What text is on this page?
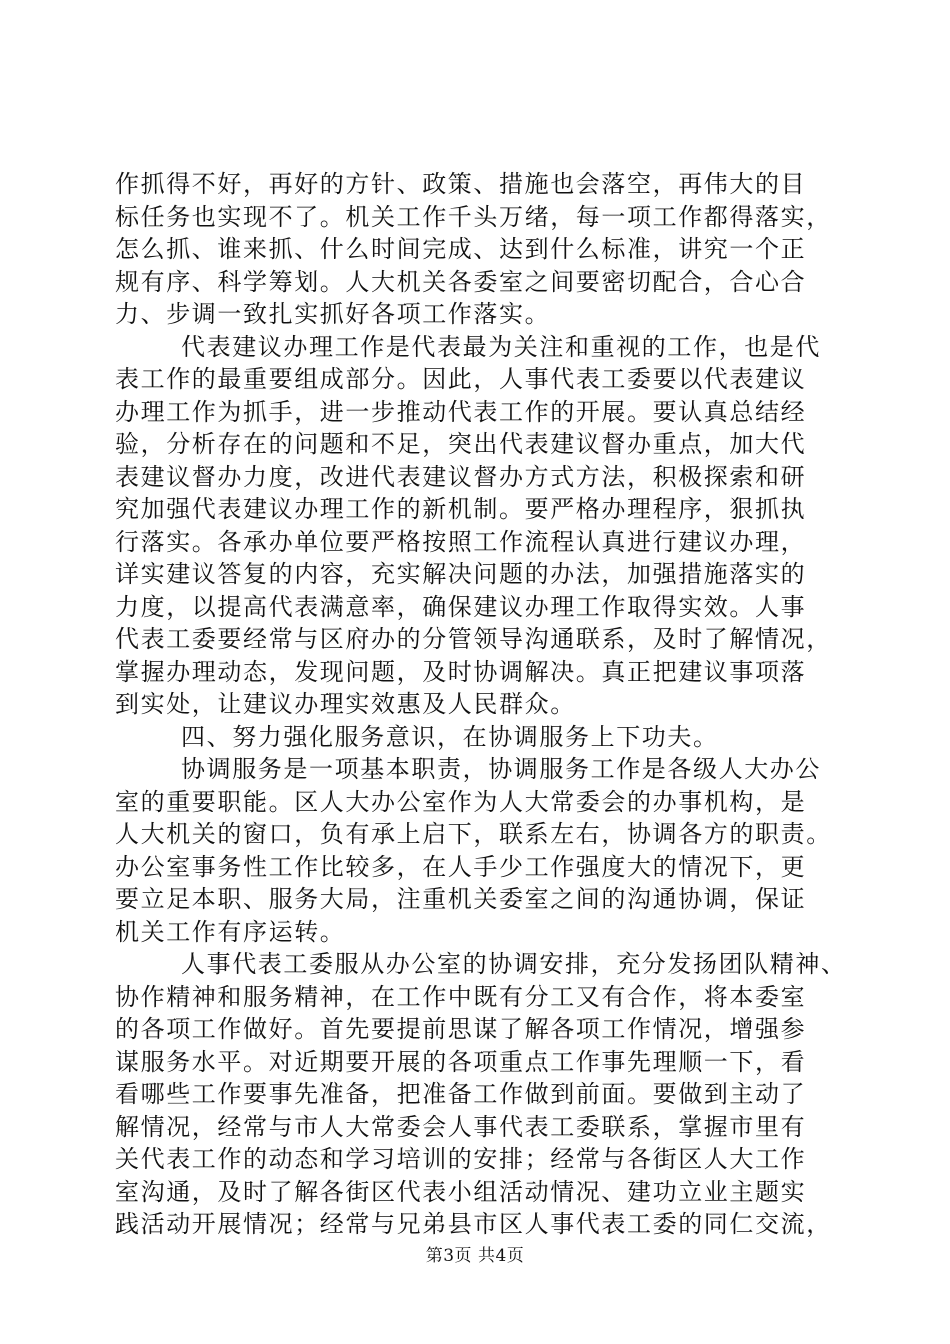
作抓得不好，再好的方针、政策、措施也会落空，再伟大的目
标任务也实现不了。机关工作千头万绪，每一项工作都得落实，
怎么抓、谁来抓、什么时间完成、达到什么标准，讲究一个正
规有序、科学筹划。人大机关各委室之间要密切配合，合心合
力、步调一致扎实抓好各项工作落实。
代表建议办理工作是代表最为关注和重视的工作，也是代
表工作的最重要组成部分。因此，人事代表工委要以代表建议
办理工作为抓手，进一步推动代表工作的开展。要认真总结经
验，分析存在的问题和不足，突出代表建议督办重点，加大代
表建议督办力度，改进代表建议督办方式方法，积极探索和研
究加强代表建议办理工作的新机制。要严格办理程序，狠抓执
行落实。各承办单位要严格按照工作流程认真进行建议办理，
详实建议答复的内容，充实解决问题的办法，加强措施落实的
力度，以提高代表满意率，确保建议办理工作取得实效。人事
代表工委要经常与区府办的分管领导沟通联系，及时了解情况，
掌握办理动态，发现问题，及时协调解决。真正把建议事项落
到实处，让建议办理实效惠及人民群众。
四、努力强化服务意识，在协调服务上下功夫。
协调服务是一项基本职责，协调服务工作是各级人大办公
室的重要职能。区人大办公室作为人大常委会的办事机构，是
人大机关的窗口，负有承上启下，联系左右，协调各方的职责。
办公室事务性工作比较多，在人手少工作强度大的情况下，更
要立足本职、服务大局，注重机关委室之间的沟通协调，保证
机关工作有序运转。
人事代表工委服从办公室的协调安排，充分发扬团队精神、
协作精神和服务精神，在工作中既有分工又有合作，将本委室
的各项工作做好。首先要提前思谋了解各项工作情况，增强参
谋服务水平。对近期要开展的各项重点工作事先理顺一下，看
看哪些工作要事先准备，把准备工作做到前面。要做到主动了
解情况，经常与市人大常委会人事代表工委联系，掌握市里有
关代表工作的动态和学习培训的安排；经常与各街区人大工作
室沟通，及时了解各街区代表小组活动情况、建功立业主题实
践活动开展情况；经常与兄弟县市区人事代表工委的同仁交流，
第3页 共4页
